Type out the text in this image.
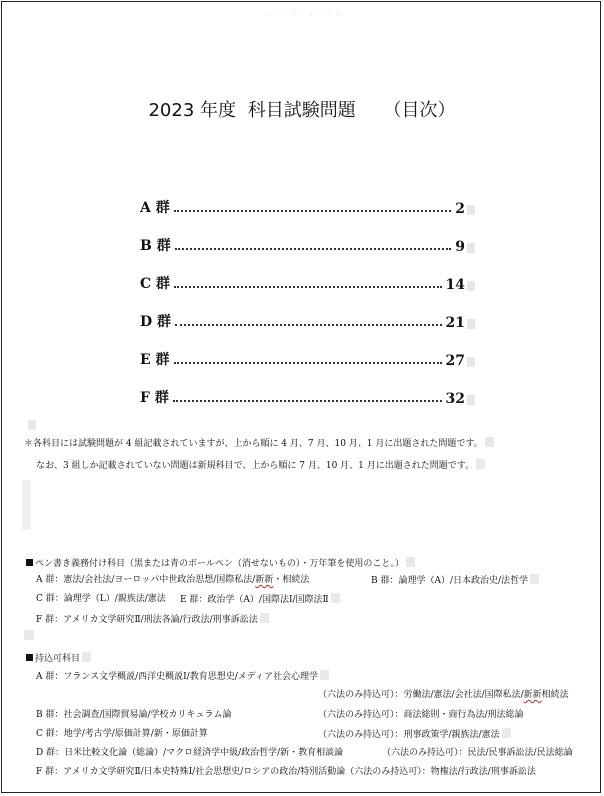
· · · · · · · · ·
2023 年度 科目試験問題 （目次）
A 群	2
B 群	9
C 群	14
D 群	21
E 群	27
F 群	32
＊各科目には試験問題が 4 組記載されていますが、上から順に 4 月、7 月、10 月、1 月に出題された問題です。
なお、3 組しか記載されていない問題は新規科目で、上から順に 7 月、10 月、1 月に出題された問題です。
ペン書き義務付け科目（黒または青のボールペン（消せないもの）・万年筆を使用のこと。）
A 群：憲法/会社法/ヨーロッパ中世政治思想/国際私法/新新・相続法	B 群：論理学（A）/日本政治史/法哲学
C 群：論理学（L）/親族法/憲法 E 群：政治学（A）/国際法Ⅰ/国際法Ⅱ
F 群：アメリカ文学研究Ⅱ/刑法各論/行政法/刑事訴訟法
持込可科目
A 群：フランス文学概説/西洋史概説Ⅰ/教育思想史/メディア社会心理学
（六法のみ持込可）：労働法/憲法/会社法/国際私法/新新相続法
B 群：社会調査/国際貿易論/学校カリキュラム論	（六法のみ持込可）：商法総則・商行為法/刑法総論
C 群：地学/考古学/原価計算/新・原価計算	（六法のみ持込可）：刑事政策学/親族法/憲法
D 群：日米比較文化論（総論）/マクロ経済学中級/政治哲学/新・教育相談論	（六法のみ持込可）：民法/民事訴訟法/民法総論
F 群：アメリカ文学研究Ⅱ/日本史特殊Ⅰ/社会思想史/ロシアの政治/特別活動論（六法のみ持込可）：物権法/行政法/刑事訴訟法
